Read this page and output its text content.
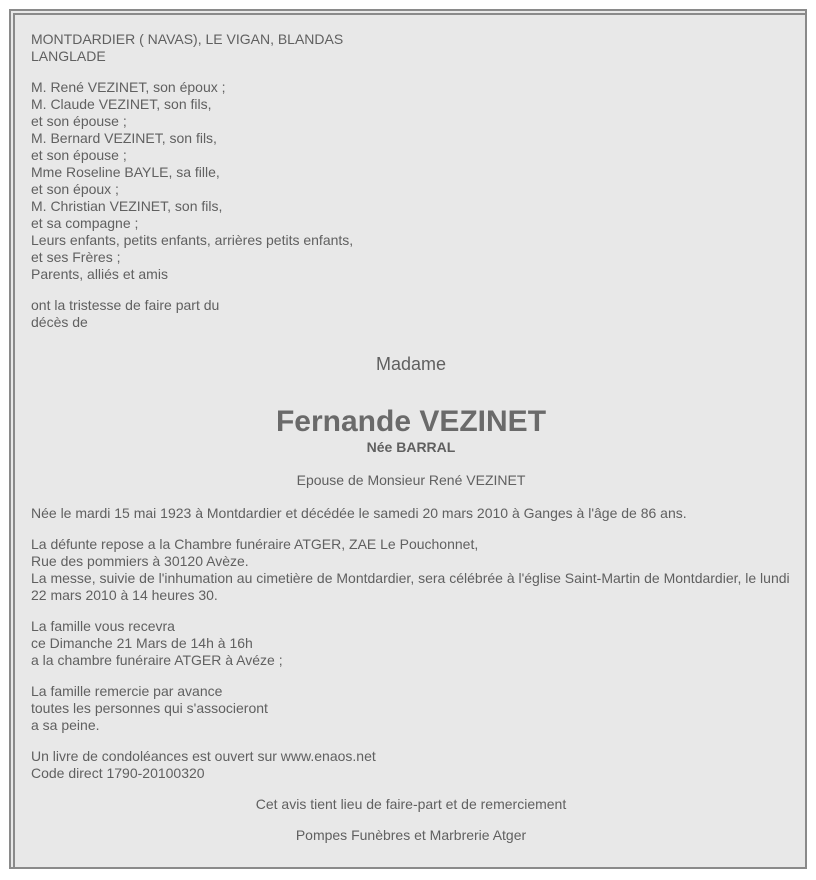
MONTDARDIER ( NAVAS), LE VIGAN, BLANDAS
LANGLADE
M. René VEZINET, son époux ;
M. Claude VEZINET, son fils,
et son épouse ;
M. Bernard VEZINET, son fils,
et son épouse ;
Mme Roseline BAYLE, sa fille,
et son époux ;
M. Christian VEZINET, son fils,
et sa compagne ;
Leurs enfants, petits enfants, arrières petits enfants,
et ses Frères ;
Parents, alliés et amis
ont la tristesse de faire part du
décès de
Madame
Fernande VEZINET
Née BARRAL
Epouse de Monsieur René VEZINET
Née le mardi 15 mai 1923 à Montdardier et décédée le samedi 20 mars 2010 à Ganges à l'âge de 86 ans.
La défunte repose a la Chambre funéraire ATGER, ZAE Le Pouchonnet,
Rue des pommiers à 30120 Avèze.
La messe, suivie de l'inhumation au cimetière de Montdardier, sera célébrée à l'église Saint-Martin de Montdardier, le lundi 22 mars 2010 à 14 heures 30.
La famille vous recevra
ce Dimanche 21 Mars de 14h à 16h
a la chambre funéraire ATGER à Avéze ;
La famille remercie par avance
toutes les personnes qui s'associeront
a sa peine.
Un livre de condoléances est ouvert sur www.enaos.net
Code direct 1790-20100320
Cet avis tient lieu de faire-part et de remerciement
Pompes Funèbres et Marbrerie Atger
